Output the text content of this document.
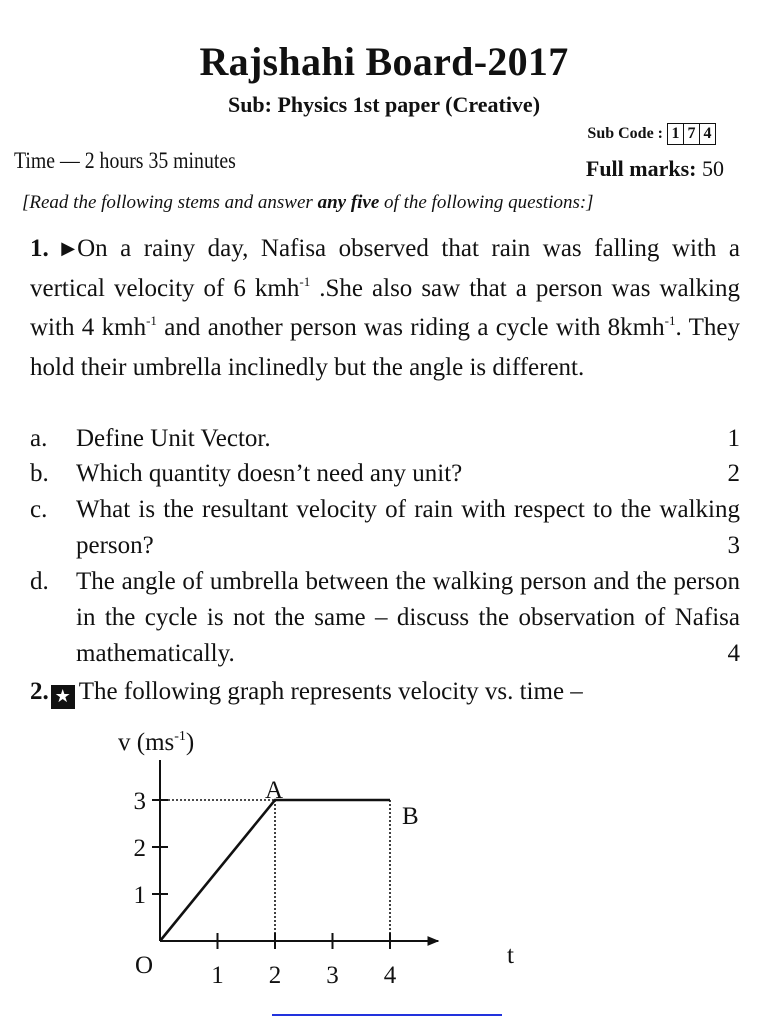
Rajshahi Board-2017
Sub: Physics 1st paper (Creative)
Sub Code : 1 7 4
Time — 2 hours 35 minutes	Full marks: 50
[Read the following stems and answer any five of the following questions:]
1. ▶On a rainy day, Nafisa observed that rain was falling with a vertical velocity of 6 kmh$^{-1}$ .She also saw that a person was walking with 4 kmh$^{-1}$ and another person was riding a cycle with 8kmh$^{-1}$. They hold their umbrella inclinedly but the angle is different.
a. Define Unit Vector.	1
b. Which quantity doesn’t need any unit?	2
c. What is the resultant velocity of rain with respect to the walking person?	3
d. The angle of umbrella between the walking person and the person in the cycle is not the same – discuss the observation of Nafisa mathematically.	4
2. ★ The following graph represents velocity vs. time –
v $(ms^{-1})$
t
O 1 2 3 4
1
2
3	A
B
